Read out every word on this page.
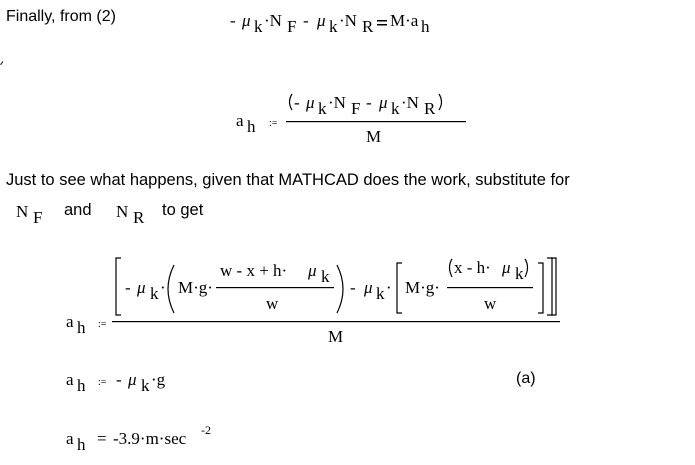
Finally, from (2)	- μ k ·N F - μ k ·N R M·a h
a h :=
- μ k ·N F - μ k ·N R
M
Just to see what happens, given that MATHCAD does the work, substitute for
N F and N R to get
a h :=
- μ k · M·g·
w - x + h· μ k
w
- μ k · M·g·
x - h· μ k
w
M
a h := - μ k ·g	(a)
a h = -3.9·m·sec -2
